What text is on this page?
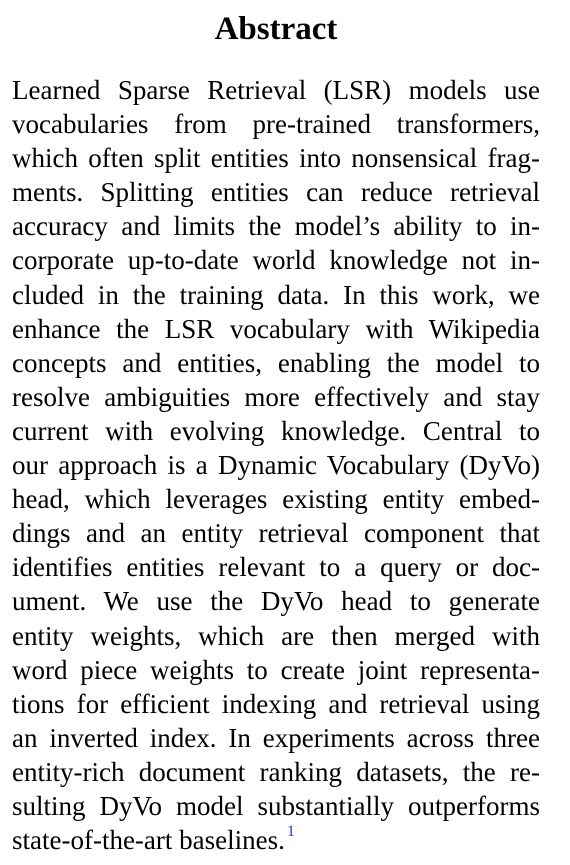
Abstract
Learned Sparse Retrieval (LSR) models use
vocabularies from pre-trained transformers,
which often split entities into nonsensical frag-
ments. Splitting entities can reduce retrieval
accuracy and limits the model’s ability to in-
corporate up-to-date world knowledge not in-
cluded in the training data. In this work, we
enhance the LSR vocabulary with Wikipedia
concepts and entities, enabling the model to
resolve ambiguities more effectively and stay
current with evolving knowledge. Central to
our approach is a Dynamic Vocabulary (DyVo)
head, which leverages existing entity embed-
dings and an entity retrieval component that
identifies entities relevant to a query or doc-
ument. We use the DyVo head to generate
entity weights, which are then merged with
word piece weights to create joint representa-
tions for efficient indexing and retrieval using
an inverted index. In experiments across three
entity-rich document ranking datasets, the re-
sulting DyVo model substantially outperforms
state-of-the-art baselines. $^1$
